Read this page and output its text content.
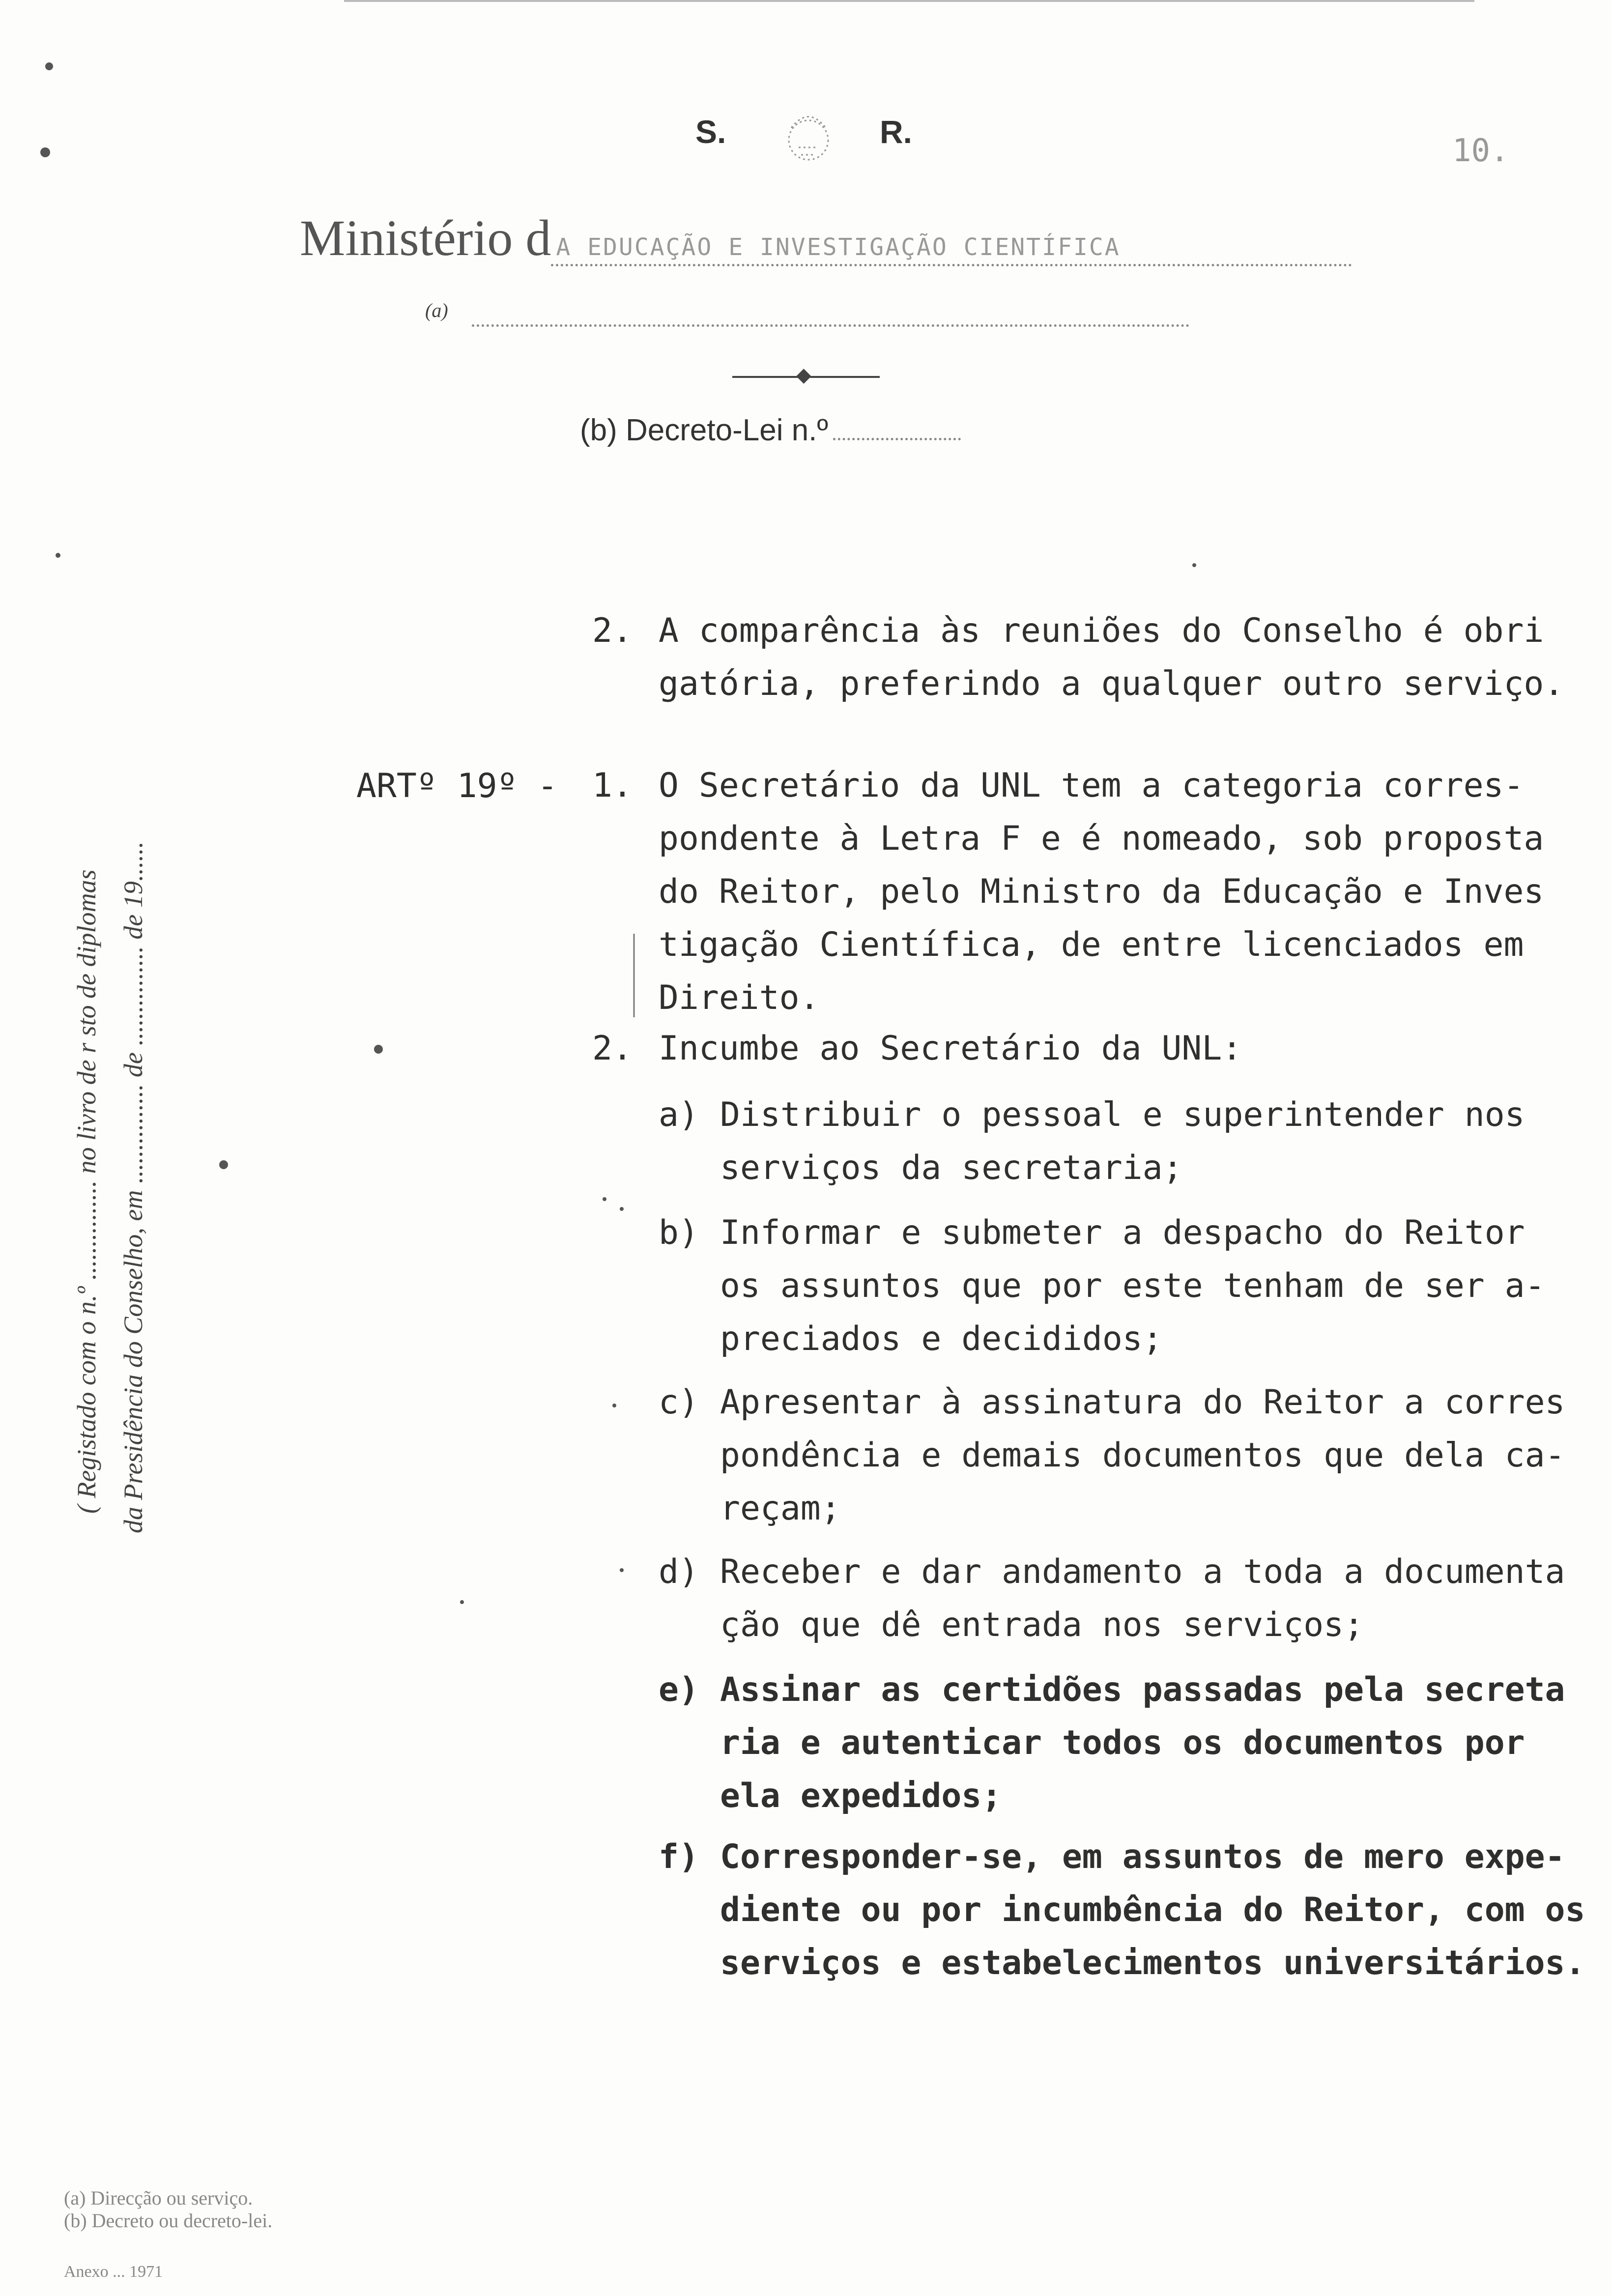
S.	R.
10.
Ministério d A EDUCAÇÃO E INVESTIGAÇÃO CIENTÍFICA
(a)
◆
(b) Decreto-Lei n.º
( Registado com o n.º ............... no livro de r sto de diplomas da Presidência do Conselho, em ............... de ............... de 19......
2. A comparência às reuniões do Conselho é obri
gatória, preferindo a qualquer outro serviço.
ARTº 19º - 1. O Secretário da UNL tem a categoria corres-
pondente à Letra F e é nomeado, sob proposta
do Reitor, pelo Ministro da Educação e Inves
tigação Científica, de entre licenciados em
Direito.
2. Incumbe ao Secretário da UNL:
a) Distribuir o pessoal e superintender nos
serviços da secretaria;
b) Informar e submeter a despacho do Reitor
os assuntos que por este tenham de ser a-
preciados e decididos;
c) Apresentar à assinatura do Reitor a corres
pondência e demais documentos que dela ca-
reçam;
d) Receber e dar andamento a toda a documenta
ção que dê entrada nos serviços;
e) Assinar as certidões passadas pela secreta
ria e autenticar todos os documentos por
ela expedidos;
f) Corresponder-se, em assuntos de mero expe-
diente ou por incumbência do Reitor, com os
serviços e estabelecimentos universitários.
(a) Direcção ou serviço.
(b) Decreto ou decreto-lei.
Anexo ... 1971
